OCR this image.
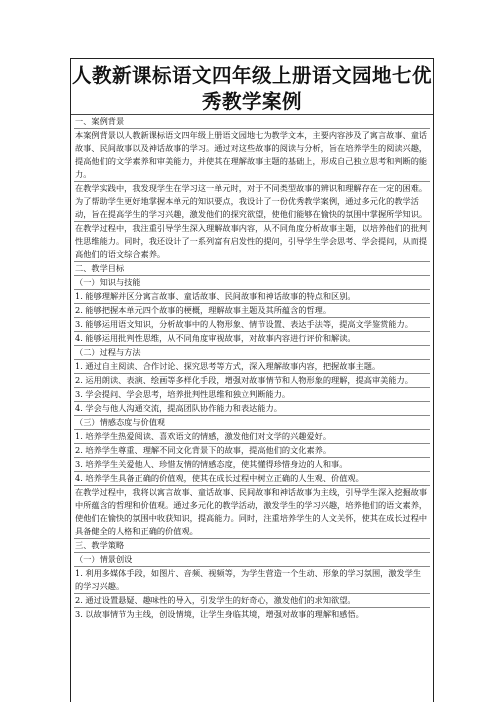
人教新课标语文四年级上册语文园地七优秀教学案例
一、案例背景
本案例背景以人教新课标语文四年级上册语文园地七为教学文本，主要内容涉及了寓言故事、童话故事、民间故事以及神话故事的学习。通过对这些故事的阅读与分析，旨在培养学生的阅读兴趣，提高他们的文学素养和审美能力，并使其在理解故事主题的基础上，形成自己独立思考和判断的能力。
在教学实践中，我发现学生在学习这一单元时，对于不同类型故事的辨识和理解存在一定的困难。为了帮助学生更好地掌握本单元的知识要点，我设计了一份优秀教学案例，通过多元化的教学活动，旨在提高学生的学习兴趣，激发他们的探究欲望，使他们能够在愉快的氛围中掌握所学知识。
在教学过程中，我注重引导学生深入理解故事内容，从不同角度分析故事主题，以培养他们的批判性思维能力。同时，我还设计了一系列富有启发性的提问，引导学生学会思考、学会提问，从而提高他们的语文综合素养。
二、教学目标
（一）知识与技能
1. 能够理解并区分寓言故事、童话故事、民间故事和神话故事的特点和区别。
2. 能够把握本单元四个故事的梗概，理解故事主题及其所蕴含的哲理。
3. 能够运用语文知识，分析故事中的人物形象、情节设置、表达手法等，提高文学鉴赏能力。
4. 能够运用批判性思维，从不同角度审视故事，对故事内容进行评价和解读。
（二）过程与方法
1. 通过自主阅读、合作讨论、探究思考等方式，深入理解故事内容，把握故事主题。
2. 运用朗读、表演、绘画等多样化手段，增强对故事情节和人物形象的理解，提高审美能力。
3. 学会提问、学会思考，培养批判性思维和独立判断能力。
4. 学会与他人沟通交流，提高团队协作能力和表达能力。
（三）情感态度与价值观
1. 培养学生热爱阅读、喜欢语文的情感，激发他们对文学的兴趣爱好。
2. 培养学生尊重、理解不同文化背景下的故事，提高他们的文化素养。
3. 培养学生关爱他人、珍惜友情的情感态度，使其懂得珍惜身边的人和事。
4. 培养学生具备正确的价值观，使其在成长过程中树立正确的人生观、价值观。
在教学过程中，我将以寓言故事、童话故事、民间故事和神话故事为主线，引导学生深入挖掘故事中所蕴含的哲理和价值观。通过多元化的教学活动，激发学生的学习兴趣，培养他们的语文素养，使他们在愉快的氛围中收获知识，提高能力。同时，注重培养学生的人文关怀，使其在成长过程中具备健全的人格和正确的价值观。
三、教学策略
（一）情景创设
1. 利用多媒体手段，如图片、音频、视频等，为学生营造一个生动、形象的学习氛围，激发学生的学习兴趣。
2. 通过设置悬疑、趣味性的导入，引发学生的好奇心，激发他们的求知欲望。
3. 以故事情节为主线，创设情境，让学生身临其境，增强对故事的理解和感悟。
